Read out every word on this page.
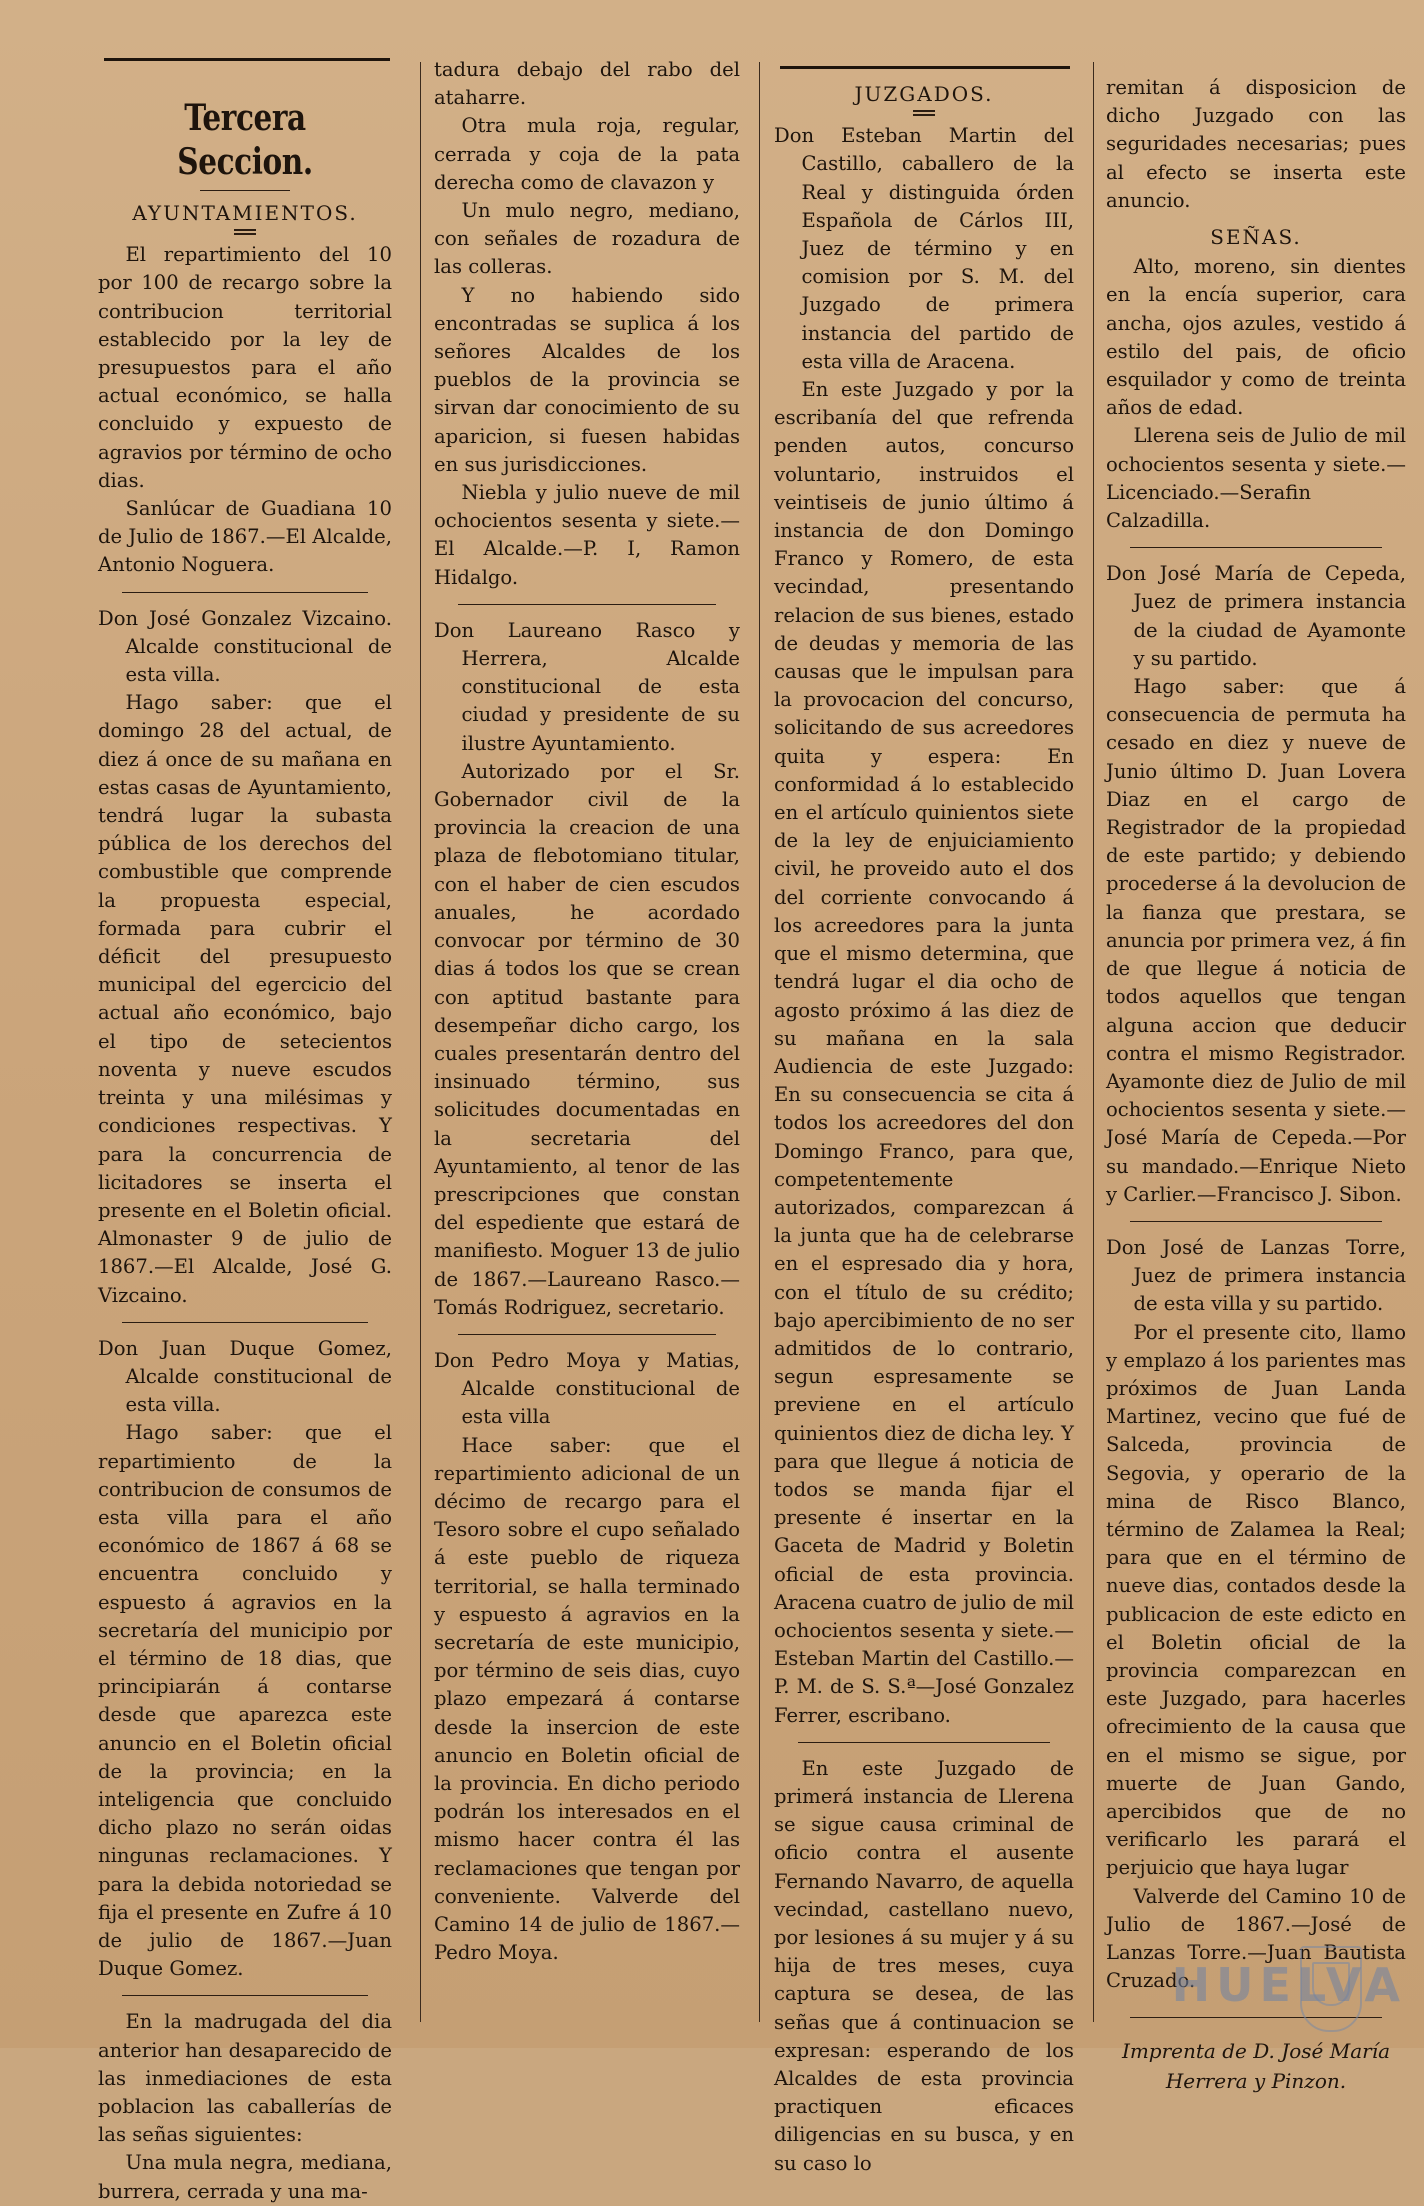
Tercera Seccion.
AYUNTAMIENTOS.

El repartimiento del 10 por 100 de recargo sobre la contribucion territorial establecido por la ley de presupuestos para el año actual económico, se halla concluido y expuesto de agravios por término de ocho dias.

Sanlúcar de Guadiana 10 de Julio de 1867.—El Alcalde, Antonio Noguera.

Don José Gonzalez Vizcaino. Alcalde constitucional de esta villa.

Hago saber: que el domingo 28 del actual, de diez á once de su mañana en estas casas de Ayuntamiento, tendrá lugar la subasta pública de los derechos del combustible que comprende la propuesta especial, formada para cubrir el déficit del presupuesto municipal del egercicio del actual año económico, bajo el tipo de setecientos noventa y nueve escudos treinta y una milésimas y condiciones respectivas. Y para la concurrencia de licitadores se inserta el presente en el Boletin oficial. Almonaster 9 de julio de 1867.—El Alcalde, José G. Vizcaino.

Don Juan Duque Gomez, Alcalde constitucional de esta villa.

Hago saber: que el repartimiento de la contribucion de consumos de esta villa para el año económico de 1867 á 68 se encuentra concluido y espuesto á agravios en la secretaría del municipio por el término de 18 dias, que principiarán á contarse desde que aparezca este anuncio en el Boletin oficial de la provincia; en la inteligencia que concluido dicho plazo no serán oidas ningunas reclamaciones. Y para la debida notoriedad se fija el presente en Zufre á 10 de julio de 1867.—Juan Duque Gomez.

En la madrugada del dia anterior han desaparecido de las inmediaciones de esta poblacion las caballerías de las señas siguientes:

Una mula negra, mediana, burrera, cerrada y una ma-

tadura debajo del rabo del ataharre.

Otra mula roja, regular, cerrada y coja de la pata derecha como de clavazon y

Un mulo negro, mediano, con señales de rozadura de las colleras.

Y no habiendo sido encontradas se suplica á los señores Alcaldes de los pueblos de la provincia se sirvan dar conocimiento de su aparicion, si fuesen habidas en sus jurisdicciones.

Niebla y julio nueve de mil ochocientos sesenta y siete.—El Alcalde.—P. I, Ramon Hidalgo.

Don Laureano Rasco y Herrera, Alcalde constitucional de esta ciudad y presidente de su ilustre Ayuntamiento.

Autorizado por el Sr. Gobernador civil de la provincia la creacion de una plaza de flebotomiano titular, con el haber de cien escudos anuales, he acordado convocar por término de 30 dias á todos los que se crean con aptitud bastante para desempeñar dicho cargo, los cuales presentarán dentro del insinuado término, sus solicitudes documentadas en la secretaria del Ayuntamiento, al tenor de las prescripciones que constan del espediente que estará de manifiesto. Moguer 13 de julio de 1867.—Laureano Rasco.—Tomás Rodriguez, secretario.

Don Pedro Moya y Matias, Alcalde constitucional de esta villa

Hace saber: que el repartimiento adicional de un décimo de recargo para el Tesoro sobre el cupo señalado á este pueblo de riqueza territorial, se halla terminado y espuesto á agravios en la secretaría de este municipio, por término de seis dias, cuyo plazo empezará á contarse desde la insercion de este anuncio en Boletin oficial de la provincia. En dicho periodo podrán los interesados en el mismo hacer contra él las reclamaciones que tengan por conveniente. Valverde del Camino 14 de julio de 1867.—Pedro Moya.

JUZGADOS.

Don Esteban Martin del Castillo, caballero de la Real y distinguida órden Española de Cárlos III, Juez de término y en comision por S. M. del Juzgado de primera instancia del partido de esta villa de Aracena.

En este Juzgado y por la escribanía del que refrenda penden autos, concurso voluntario, instruidos el veintiseis de junio último á instancia de don Domingo Franco y Romero, de esta vecindad, presentando relacion de sus bienes, estado de deudas y memoria de las causas que le impulsan para la provocacion del concurso, solicitando de sus acreedores quita y espera: En conformidad á lo establecido en el artículo quinientos siete de la ley de enjuiciamiento civil, he proveido auto el dos del corriente convocando á los acreedores para la junta que el mismo determina, que tendrá lugar el dia ocho de agosto próximo á las diez de su mañana en la sala Audiencia de este Juzgado: En su consecuencia se cita á todos los acreedores del don Domingo Franco, para que, competentemente autorizados, comparezcan á la junta que ha de celebrarse en el espresado dia y hora, con el título de su crédito; bajo apercibimiento de no ser admitidos de lo contrario, segun espresamente se previene en el artículo quinientos diez de dicha ley. Y para que llegue á noticia de todos se manda fijar el presente é insertar en la Gaceta de Madrid y Boletin oficial de esta provincia. Aracena cuatro de julio de mil ochocientos sesenta y siete.—Esteban Martin del Castillo.—P. M. de S. S.ª—José Gonzalez Ferrer, escribano.

En este Juzgado de primerá instancia de Llerena se sigue causa criminal de oficio contra el ausente Fernando Navarro, de aquella vecindad, castellano nuevo, por lesiones á su mujer y á su hija de tres meses, cuya captura se desea, de las señas que á continuacion se expresan: esperando de los Alcaldes de esta provincia practiquen eficaces diligencias en su busca, y en su caso lo

remitan á disposicion de dicho Juzgado con las seguridades necesarias; pues al efecto se inserta este anuncio.

SEÑAS.

Alto, moreno, sin dientes en la encía superior, cara ancha, ojos azules, vestido á estilo del pais, de oficio esquilador y como de treinta años de edad.

Llerena seis de Julio de mil ochocientos sesenta y siete.—Licenciado.—Serafin Calzadilla.

Don José María de Cepeda, Juez de primera instancia de la ciudad de Ayamonte y su partido.

Hago saber: que á consecuencia de permuta ha cesado en diez y nueve de Junio último D. Juan Lovera Diaz en el cargo de Registrador de la propiedad de este partido; y debiendo procederse á la devolucion de la fianza que prestara, se anuncia por primera vez, á fin de que llegue á noticia de todos aquellos que tengan alguna accion que deducir contra el mismo Registrador. Ayamonte diez de Julio de mil ochocientos sesenta y siete.—José María de Cepeda.—Por su mandado.—Enrique Nieto y Carlier.—Francisco J. Sibon.

Don José de Lanzas Torre, Juez de primera instancia de esta villa y su partido.

Por el presente cito, llamo y emplazo á los parientes mas próximos de Juan Landa Martinez, vecino que fué de Salceda, provincia de Segovia, y operario de la mina de Risco Blanco, término de Zalamea la Real; para que en el término de nueve dias, contados desde la publicacion de este edicto en el Boletin oficial de la provincia comparezcan en este Juzgado, para hacerles ofrecimiento de la causa que en el mismo se sigue, por muerte de Juan Gando, apercibidos que de no verificarlo les parará el perjuicio que haya lugar

Valverde del Camino 10 de Julio de 1867.—José de Lanzas Torre.—Juan Bautista Cruzado.

Imprenta de D. José María Herrera y Pinzon.
HUELVA
